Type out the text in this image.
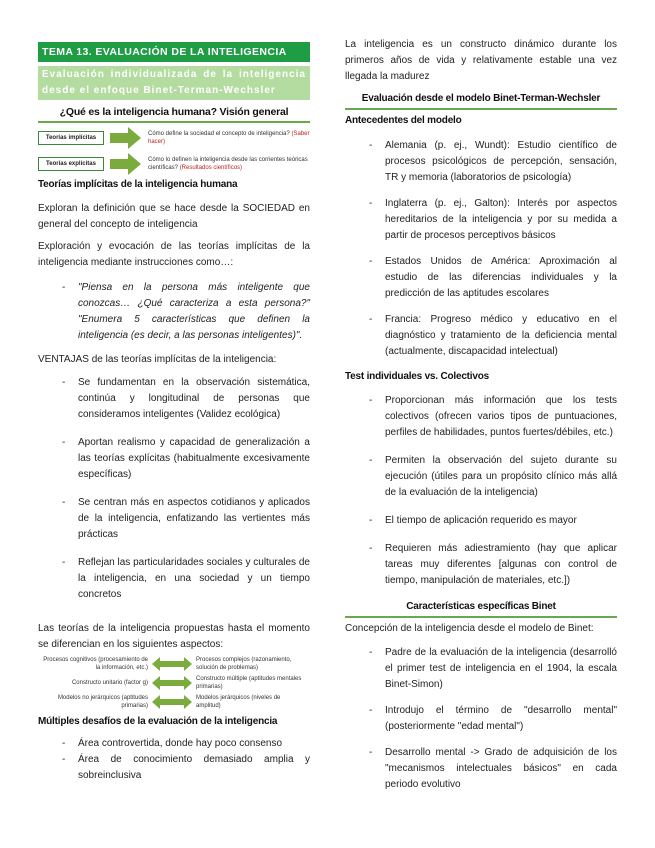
TEMA 13. EVALUACIÓN DE LA INTELIGENCIA
Evaluación individualizada de la inteligencia desde el enfoque Binet-Terman-Wechsler
¿Qué es la inteligencia humana? Visión general
Teorías implícitas
Cómo define la sociedad el concepto de inteligencia? (Saber hacer)
Teorías explícitas
Cómo lo definen la inteligencia desde las corrientes teóricas científicas? (Resultados científicos)
Teorías implícitas de la inteligencia humana
Exploran la definición que se hace desde la SOCIEDAD en general del concepto de inteligencia
Exploración y evocación de las teorías implícitas de la inteligencia mediante instrucciones como…:
- "Piensa en la persona más inteligente que conozcas… ¿Qué caracteriza a esta persona?" "Enumera 5 características que definen la inteligencia (es decir, a las personas inteligentes)".
VENTAJAS de las teorías implícitas de la inteligencia:
- Se fundamentan en la observación sistemática, continúa y longitudinal de personas que consideramos inteligentes (Validez ecológica)
- Aportan realismo y capacidad de generalización a las teorías explícitas (habitualmente excesivamente específicas)
- Se centran más en aspectos cotidianos y aplicados de la inteligencia, enfatizando las vertientes más prácticas
- Reflejan las particularidades sociales y culturales de la inteligencia, en una sociedad y un tiempo concretos
Las teorías de la inteligencia propuestas hasta el momento se diferencian en los siguientes aspectos:
Procesos cognitivos (procesamiento de la información, etc.)
Procesos complejos (razonamiento, solución de problemas)
Constructo unitario (factor g)
Constructo múltiple (aptitudes mentales primarias)
Modelos no jerárquicos (aptitudes primarias)
Modelos jerárquicos (niveles de amplitud)
Múltiples desafíos de la evaluación de la inteligencia
- Área controvertida, donde hay poco consenso
- Área de conocimiento demasiado amplia y sobreinclusiva
La inteligencia es un constructo dinámico durante los primeros años de vida y relativamente estable una vez llegada la madurez
Evaluación desde el modelo Binet-Terman-Wechsler
Antecedentes del modelo
- Alemania (p. ej., Wundt): Estudio científico de procesos psicológicos de percepción, sensación, TR y memoria (laboratorios de psicología)
- Inglaterra (p. ej., Galton): Interés por aspectos hereditarios de la inteligencia y por su medida a partir de procesos perceptivos básicos
- Estados Unidos de América: Aproximación al estudio de las diferencias individuales y la predicción de las aptitudes escolares
- Francia: Progreso médico y educativo en el diagnóstico y tratamiento de la deficiencia mental (actualmente, discapacidad intelectual)
Test individuales vs. Colectivos
- Proporcionan más información que los tests colectivos (ofrecen varios tipos de puntuaciones, perfiles de habilidades, puntos fuertes/débiles, etc.)
- Permiten la observación del sujeto durante su ejecución (útiles para un propósito clínico más allá de la evaluación de la inteligencia)
- El tiempo de aplicación requerido es mayor
- Requieren más adiestramiento (hay que aplicar tareas muy diferentes [algunas con control de tiempo, manipulación de materiales, etc.])
Características específicas Binet
Concepción de la inteligencia desde el modelo de Binet:
- Padre de la evaluación de la inteligencia (desarrolló el primer test de inteligencia en el 1904, la escala Binet-Simon)
- Introdujo el término de "desarrollo mental" (posteriormente "edad mental")
- Desarrollo mental -> Grado de adquisición de los "mecanismos intelectuales básicos" en cada periodo evolutivo
